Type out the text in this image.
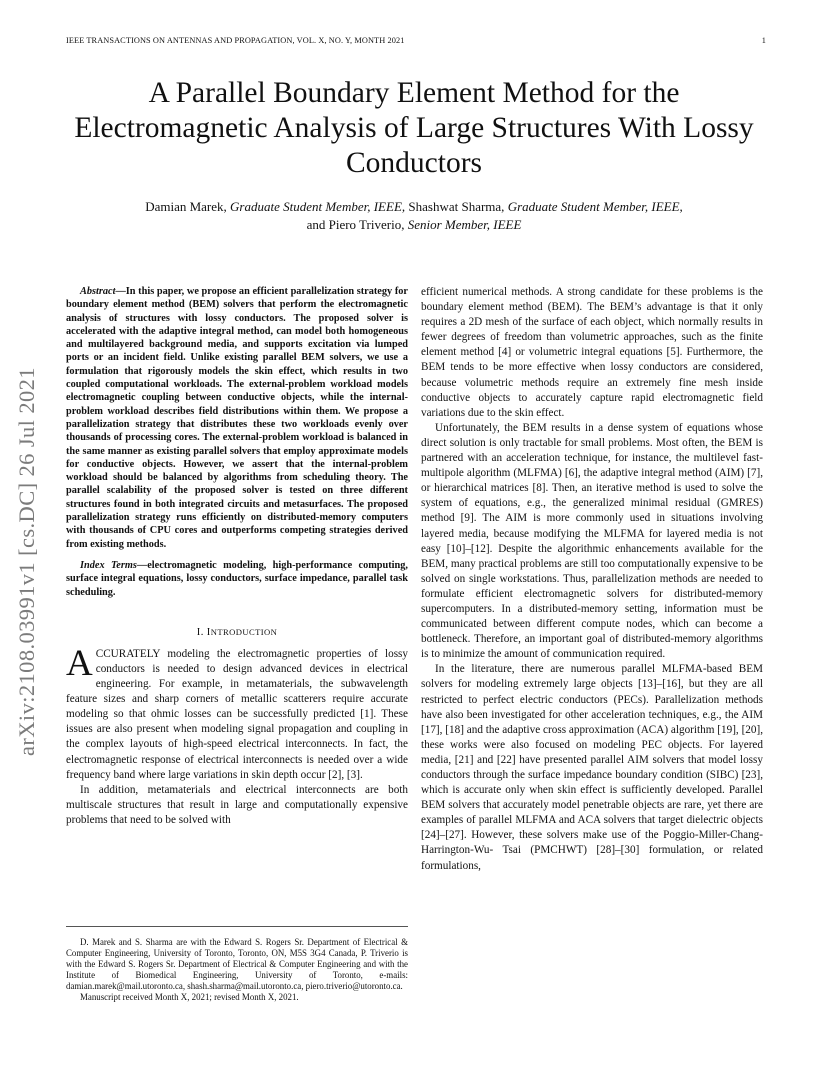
IEEE TRANSACTIONS ON ANTENNAS AND PROPAGATION, VOL. X, NO. Y, MONTH 2021	1
arXiv:2108.03991v1 [cs.DC] 26 Jul 2021
A Parallel Boundary Element Method for the Electromagnetic Analysis of Large Structures With Lossy Conductors
Damian Marek, Graduate Student Member, IEEE, Shashwat Sharma, Graduate Student Member, IEEE,
and Piero Triverio, Senior Member, IEEE

Abstract—In this paper, we propose an efficient parallelization strategy for boundary element method (BEM) solvers that perform the electromagnetic analysis of structures with lossy conductors. The proposed solver is accelerated with the adaptive integral method, can model both homogeneous and multilayered background media, and supports excitation via lumped ports or an incident field. Unlike existing parallel BEM solvers, we use a formulation that rigorously models the skin effect, which results in two coupled computational workloads. The external-problem workload models electromagnetic coupling between conductive objects, while the internal-problem workload describes field distributions within them. We propose a parallelization strategy that distributes these two workloads evenly over thousands of processing cores. The external-problem workload is balanced in the same manner as existing parallel solvers that employ approximate models for conductive objects. However, we assert that the internal-problem workload should be balanced by algorithms from scheduling theory. The parallel scalability of the proposed solver is tested on three different structures found in both integrated circuits and metasurfaces. The proposed parallelization strategy runs efficiently on distributed-memory computers with thousands of CPU cores and outperforms competing strategies derived from existing methods.

Index Terms—electromagnetic modeling, high-performance computing, surface integral equations, lossy conductors, surface impedance, parallel task scheduling.

I. INTRODUCTION

ACCURATELY modeling the electromagnetic properties of lossy conductors is needed to design advanced devices in electrical engineering. For example, in metamaterials, the subwavelength feature sizes and sharp corners of metallic scatterers require accurate modeling so that ohmic losses can be successfully predicted [1]. These issues are also present when modeling signal propagation and coupling in the complex layouts of high-speed electrical interconnects. In fact, the electromagnetic response of electrical interconnects is needed over a wide frequency band where large variations in skin depth occur [2], [3].

In addition, metamaterials and electrical interconnects are both multiscale structures that result in large and computationally expensive problems that need to be solved with

efficient numerical methods. A strong candidate for these problems is the boundary element method (BEM). The BEM’s advantage is that it only requires a 2D mesh of the surface of each object, which normally results in fewer degrees of freedom than volumetric approaches, such as the finite element method [4] or volumetric integral equations [5]. Furthermore, the BEM tends to be more effective when lossy conductors are considered, because volumetric methods require an extremely fine mesh inside conductive objects to accurately capture rapid electromagnetic field variations due to the skin effect.

Unfortunately, the BEM results in a dense system of equations whose direct solution is only tractable for small problems. Most often, the BEM is partnered with an acceleration technique, for instance, the multilevel fast-multipole algorithm (MLFMA) [6], the adaptive integral method (AIM) [7], or hierarchical matrices [8]. Then, an iterative method is used to solve the system of equations, e.g., the generalized minimal residual (GMRES) method [9]. The AIM is more commonly used in situations involving layered media, because modifying the MLFMA for layered media is not easy [10]–[12]. Despite the algorithmic enhancements available for the BEM, many practical problems are still too computationally expensive to be solved on single workstations. Thus, parallelization methods are needed to formulate efficient electromagnetic solvers for distributed-memory supercomputers. In a distributed-memory setting, information must be communicated between different compute nodes, which can become a bottleneck. Therefore, an important goal of distributed-memory algorithms is to minimize the amount of communication required.

In the literature, there are numerous parallel MLFMA-based BEM solvers for modeling extremely large objects [13]–[16], but they are all restricted to perfect electric conductors (PECs). Parallelization methods have also been investigated for other acceleration techniques, e.g., the AIM [17], [18] and the adaptive cross approximation (ACA) algorithm [19], [20], these works were also focused on modeling PEC objects. For layered media, [21] and [22] have presented parallel AIM solvers that model lossy conductors through the surface impedance boundary condition (SIBC) [23], which is accurate only when skin effect is sufficiently developed. Parallel BEM solvers that accurately model penetrable objects are rare, yet there are examples of parallel MLFMA and ACA solvers that target dielectric objects [24]–[27]. However, these solvers make use of the Poggio-Miller-Chang-Harrington-Wu- Tsai (PMCHWT) [28]–[30] formulation, or related formulations,

D. Marek and S. Sharma are with the Edward S. Rogers Sr. Department of Electrical & Computer Engineering, University of Toronto, Toronto, ON, M5S 3G4 Canada, P. Triverio is with the Edward S. Rogers Sr. Department of Electrical & Computer Engineering and with the Institute of Biomedical Engineering, University of Toronto, e-mails: damian.marek@mail.utoronto.ca, shash.sharma@mail.utoronto.ca, piero.triverio@utoronto.ca.

Manuscript received Month X, 2021; revised Month X, 2021.
